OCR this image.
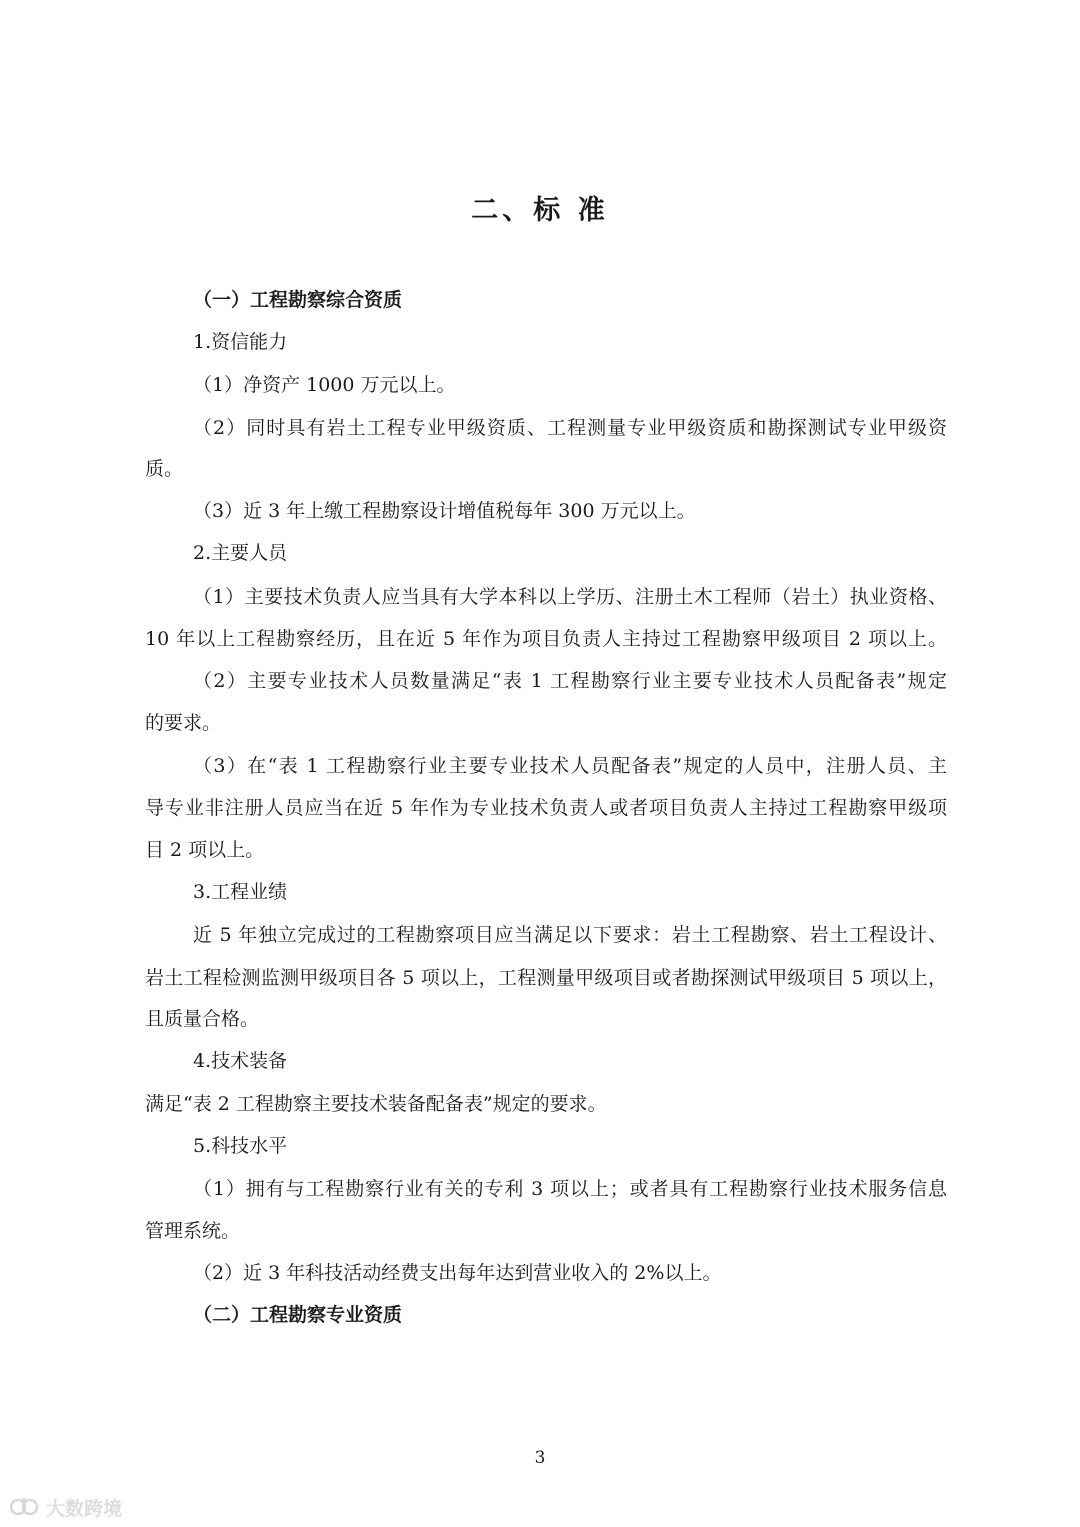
二、标 准
（一）工程勘察综合资质
1.资信能力
（1）净资产 1000 万元以上。
（2）同时具有岩土工程专业甲级资质、工程测量专业甲级资质和勘探测试专业甲级资
质。
（3）近 3 年上缴工程勘察设计增值税每年 300 万元以上。
2.主要人员
（1）主要技术负责人应当具有大学本科以上学历、注册土木工程师（岩土）执业资格、
10 年以上工程勘察经历，且在近 5 年作为项目负责人主持过工程勘察甲级项目 2 项以上。
（2）主要专业技术人员数量满足“表 1 工程勘察行业主要专业技术人员配备表”规定
的要求。
（3）在“表 1 工程勘察行业主要专业技术人员配备表”规定的人员中，注册人员、主
导专业非注册人员应当在近 5 年作为专业技术负责人或者项目负责人主持过工程勘察甲级项
目 2 项以上。
3.工程业绩
近 5 年独立完成过的工程勘察项目应当满足以下要求：岩土工程勘察、岩土工程设计、
岩土工程检测监测甲级项目各 5 项以上，工程测量甲级项目或者勘探测试甲级项目 5 项以上，
且质量合格。
4.技术装备
满足“表 2 工程勘察主要技术装备配备表”规定的要求。
5.科技水平
（1）拥有与工程勘察行业有关的专利 3 项以上；或者具有工程勘察行业技术服务信息
管理系统。
（2）近 3 年科技活动经费支出每年达到营业收入的 2%以上。
（二）工程勘察专业资质
3
大数跨境
